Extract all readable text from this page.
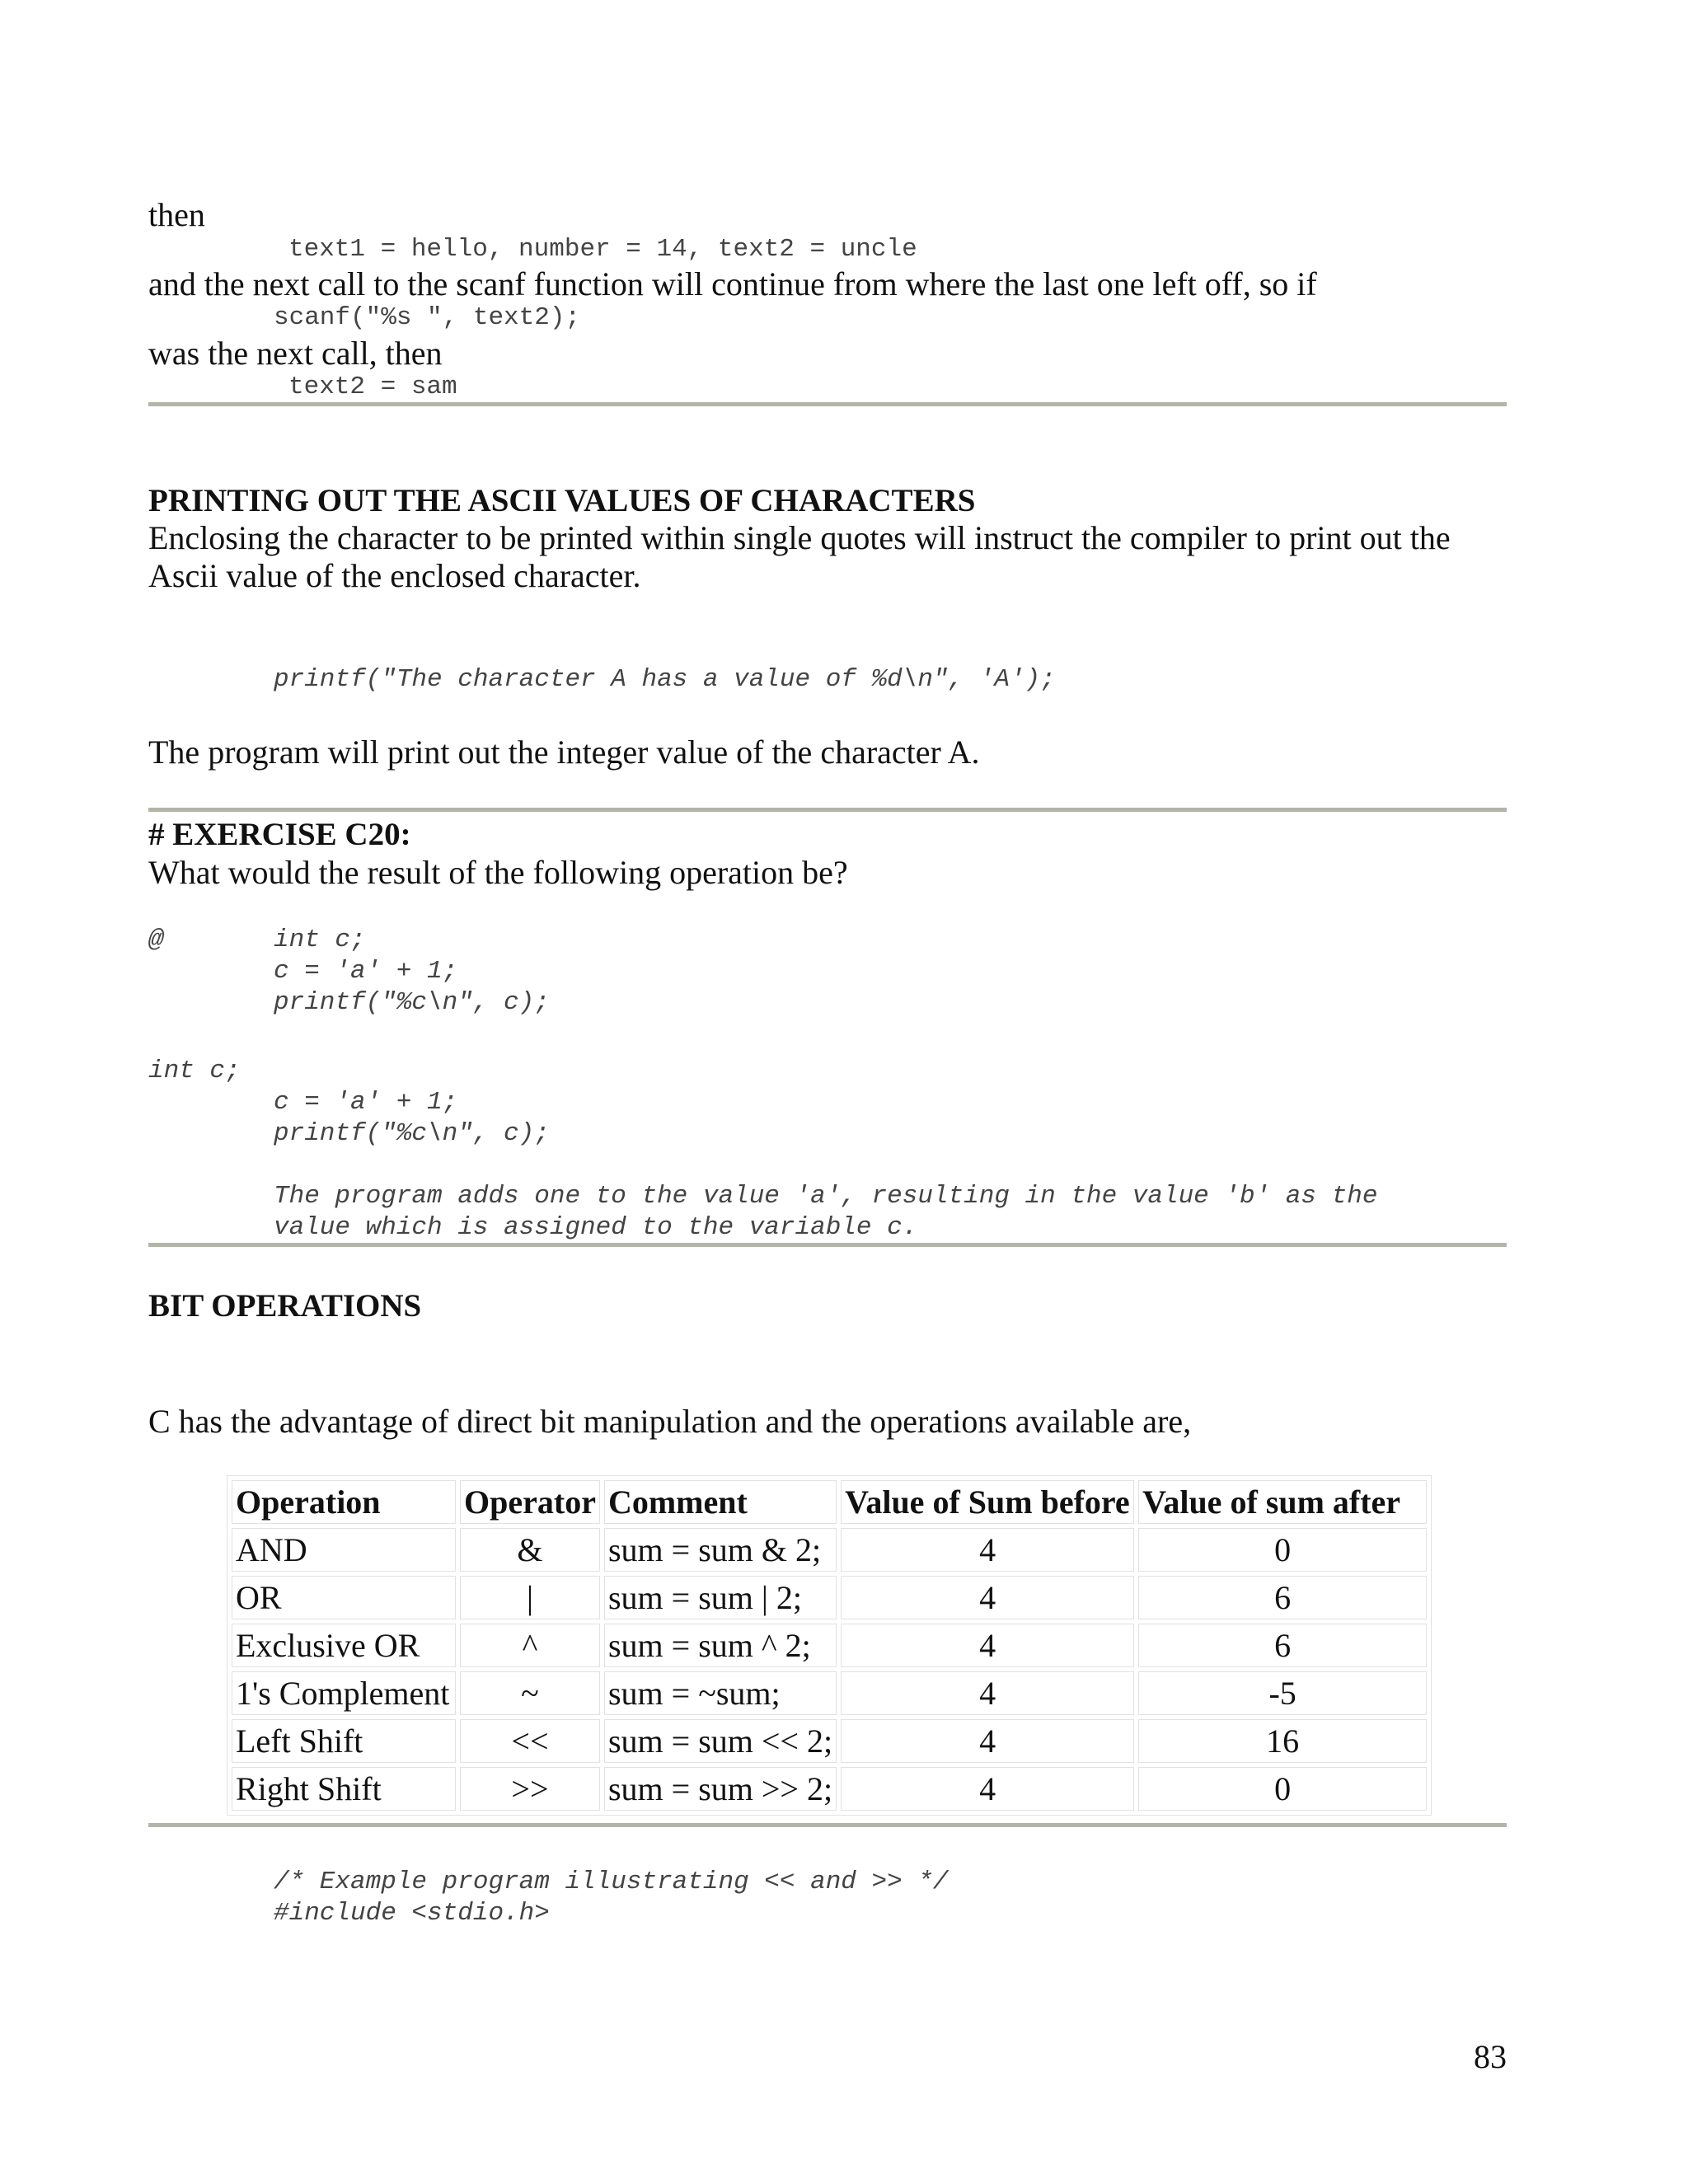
then
text1 = hello, number = 14, text2 = uncle
and the next call to the scanf function will continue from where the last one left off, so if
scanf("%s ", text2);
was the next call, then
text2 = sam
PRINTING OUT THE ASCII VALUES OF CHARACTERS
Enclosing the character to be printed within single quotes will instruct the compiler to print out the
Ascii value of the enclosed character.
printf("The character A has a value of %d\n", 'A');
The program will print out the integer value of the character A.
# EXERCISE C20:
What would the result of the following operation be?
@	int c;
c = 'a' + 1;
printf("%c\n", c);
int c;
c = 'a' + 1;
printf("%c\n", c);
The program adds one to the value 'a', resulting in the value 'b' as the
value which is assigned to the variable c.
BIT OPERATIONS
C has the advantage of direct bit manipulation and the operations available are,
Operation	Operator	Comment	Value of Sum before	Value of sum after
AND	&	sum = sum & 2;	4	0
OR	|	sum = sum | 2;	4	6
Exclusive OR	^	sum = sum ^ 2;	4	6
1's Complement	~	sum = ~sum;	4	-5
Left Shift	<<	sum = sum << 2;	4	16
Right Shift	>>	sum = sum >> 2;	4	0
/* Example program illustrating << and >> */
#include <stdio.h>
83
